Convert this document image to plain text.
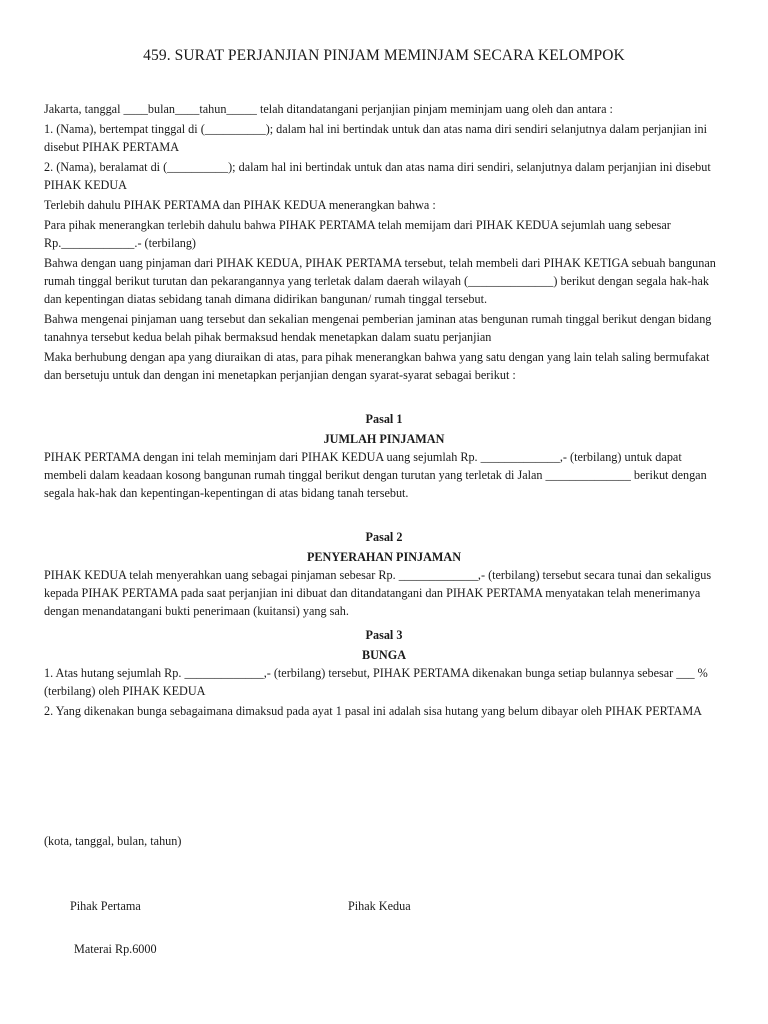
459. SURAT PERJANJIAN PINJAM MEMINJAM SECARA KELOMPOK

Jakarta, tanggal ____bulan____tahun_____ telah ditandatangani perjanjian pinjam meminjam uang oleh dan antara :

1. (Nama), bertempat tinggal di (__________); dalam hal ini bertindak untuk dan atas nama diri sendiri selanjutnya dalam perjanjian ini disebut PIHAK PERTAMA

2. (Nama), beralamat di (__________); dalam hal ini bertindak untuk dan atas nama diri sendiri, selanjutnya dalam perjanjian ini disebut PIHAK KEDUA

Terlebih dahulu PIHAK PERTAMA dan PIHAK KEDUA menerangkan bahwa :

Para pihak menerangkan terlebih dahulu bahwa PIHAK PERTAMA telah memijam dari PIHAK KEDUA sejumlah uang sebesar Rp.____________.- (terbilang)

Bahwa dengan uang pinjaman dari PIHAK KEDUA, PIHAK PERTAMA tersebut, telah membeli dari PIHAK KETIGA sebuah bangunan rumah tinggal berikut turutan dan pekarangannya yang terletak dalam daerah wilayah (______________) berikut dengan segala hak-hak dan kepentingan diatas sebidang tanah dimana didirikan bangunan/ rumah tinggal tersebut.

Bahwa mengenai pinjaman uang tersebut dan sekalian mengenai pemberian jaminan atas bengunan rumah tinggal berikut dengan bidang tanahnya tersebut kedua belah pihak bermaksud hendak menetapkan dalam suatu perjanjian

Maka berhubung dengan apa yang diuraikan di atas, para pihak menerangkan bahwa yang satu dengan yang lain telah saling bermufakat dan bersetuju untuk dan dengan ini menetapkan perjanjian dengan syarat-syarat sebagai berikut :

Pasal 1

JUMLAH PINJAMAN

PIHAK PERTAMA dengan ini telah meminjam dari PIHAK KEDUA uang sejumlah Rp. _____________,- (terbilang) untuk dapat membeli dalam keadaan kosong bangunan rumah tinggal berikut dengan turutan yang terletak di Jalan ______________ berikut dengan segala hak-hak dan kepentingan-kepentingan di atas bidang tanah tersebut.

Pasal 2

PENYERAHAN PINJAMAN

PIHAK KEDUA telah menyerahkan uang sebagai pinjaman sebesar Rp. _____________,- (terbilang) tersebut secara tunai dan sekaligus kepada PIHAK PERTAMA pada saat perjanjian ini dibuat dan ditandatangani dan PIHAK PERTAMA menyatakan telah menerimanya dengan menandatangani bukti penerimaan (kuitansi) yang sah.

Pasal 3

BUNGA

1. Atas hutang sejumlah Rp. _____________,- (terbilang) tersebut, PIHAK PERTAMA dikenakan bunga setiap bulannya sebesar ___ % (terbilang) oleh PIHAK KEDUA

2. Yang dikenakan bunga sebagaimana dimaksud pada ayat 1 pasal ini adalah sisa hutang yang belum dibayar oleh PIHAK PERTAMA

(kota, tanggal, bulan, tahun)
Pihak Pertama	Pihak Kedua
Materai Rp.6000
